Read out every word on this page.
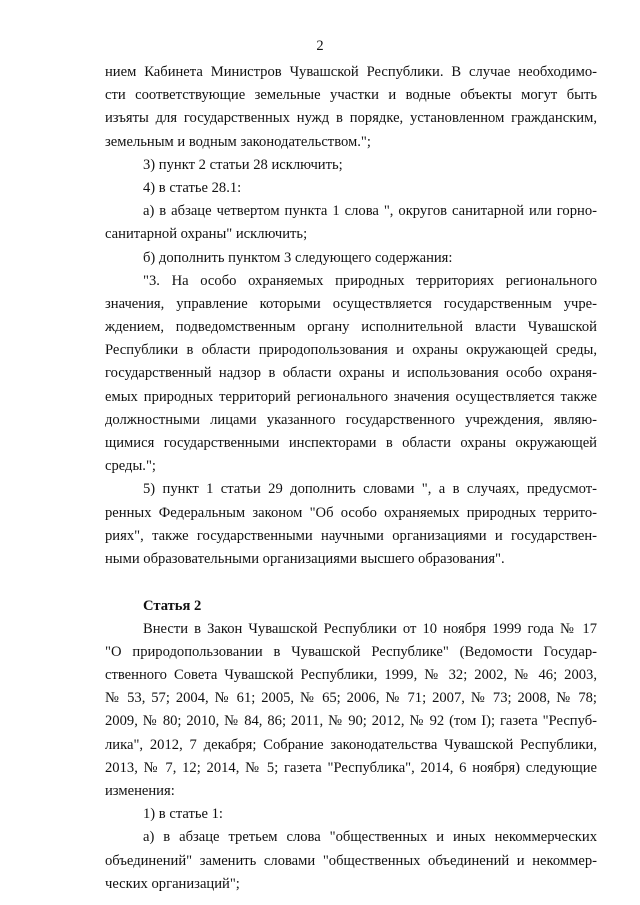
2
нием Кабинета Министров Чувашской Республики. В случае необходимо-
сти соответствующие земельные участки и водные объекты могут быть
изъяты для государственных нужд в порядке, установленном гражданским,
земельным и водным законодательством.";
3) пункт 2 статьи 28 исключить;
4) в статье 28.1:
а) в абзаце четвертом пункта 1 слова ", округов санитарной или горно-
санитарной охраны" исключить;
б) дополнить пунктом 3 следующего содержания:
"3. На особо охраняемых природных территориях регионального
значения, управление которыми осуществляется государственным учре-
ждением, подведомственным органу исполнительной власти Чувашской
Республики в области природопользования и охраны окружающей среды,
государственный надзор в области охраны и использования особо охраня-
емых природных территорий регионального значения осуществляется также
должностными лицами указанного государственного учреждения, являю-
щимися государственными инспекторами в области охраны окружающей
среды.";
5) пункт 1 статьи 29 дополнить словами ", а в случаях, предусмот-
ренных Федеральным законом "Об особо охраняемых природных террито-
риях", также государственными научными организациями и государствен-
ными образовательными организациями высшего образования".
Статья 2
Внести в Закон Чувашской Республики от 10 ноября 1999 года № 17
"О природопользовании в Чувашской Республике" (Ведомости Государ-
ственного Совета Чувашской Республики, 1999, № 32; 2002, № 46; 2003,
№ 53, 57; 2004, № 61; 2005, № 65; 2006, № 71; 2007, № 73; 2008, № 78;
2009, № 80; 2010, № 84, 86; 2011, № 90; 2012, № 92 (том I); газета "Респуб-
лика", 2012, 7 декабря; Собрание законодательства Чувашской Республики,
2013, № 7, 12; 2014, № 5; газета "Республика", 2014, 6 ноября) следующие
изменения:
1) в статье 1:
а) в абзаце третьем слова "общественных и иных некоммерческих
объединений" заменить словами "общественных объединений и некоммер-
ческих организаций";
